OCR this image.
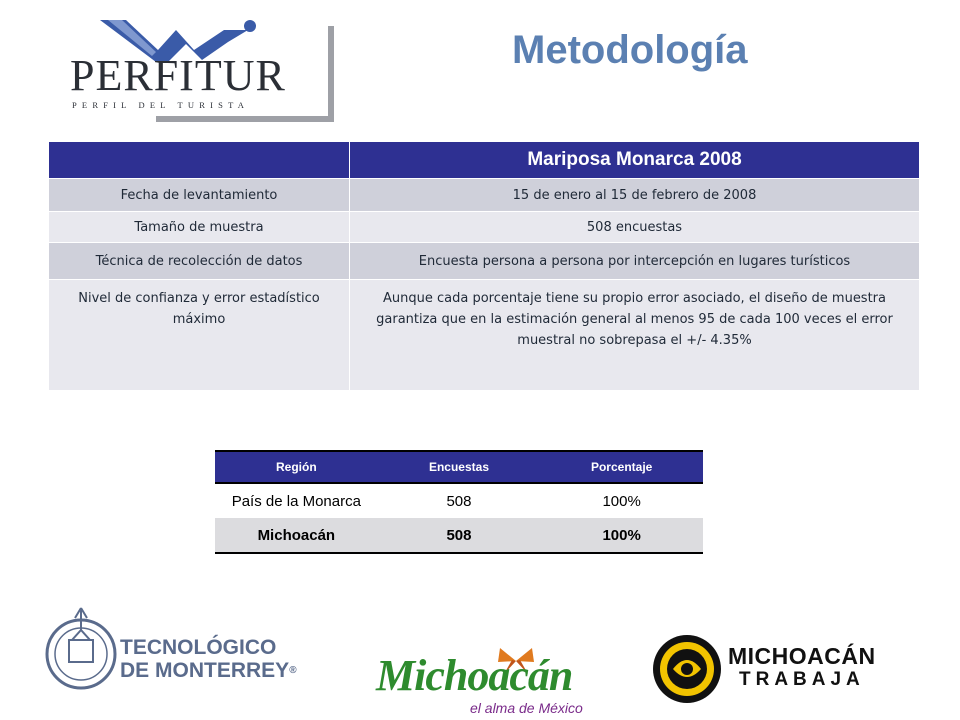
PERFITUR
PERFIL DEL TURISTA
Metodología
	Mariposa Monarca 2008
Fecha de levantamiento	15 de enero al 15 de febrero de 2008
Tamaño de muestra	508 encuestas
Técnica de recolección de datos	Encuesta persona a persona por intercepción en lugares turísticos
Nivel de confianza y error estadístico máximo	Aunque cada porcentaje tiene su propio error asociado, el diseño de muestra garantiza que en la estimación general al menos 95 de cada 100 veces el error muestral no sobrepasa el +/- 4.35%
Región	Encuestas	Porcentaje
País de la Monarca	508	100%
Michoacán	508	100%
TECNOLÓGICO
DE MONTERREY® Michoacán
el alma de México
MICHOACÁN
TRABAJA
